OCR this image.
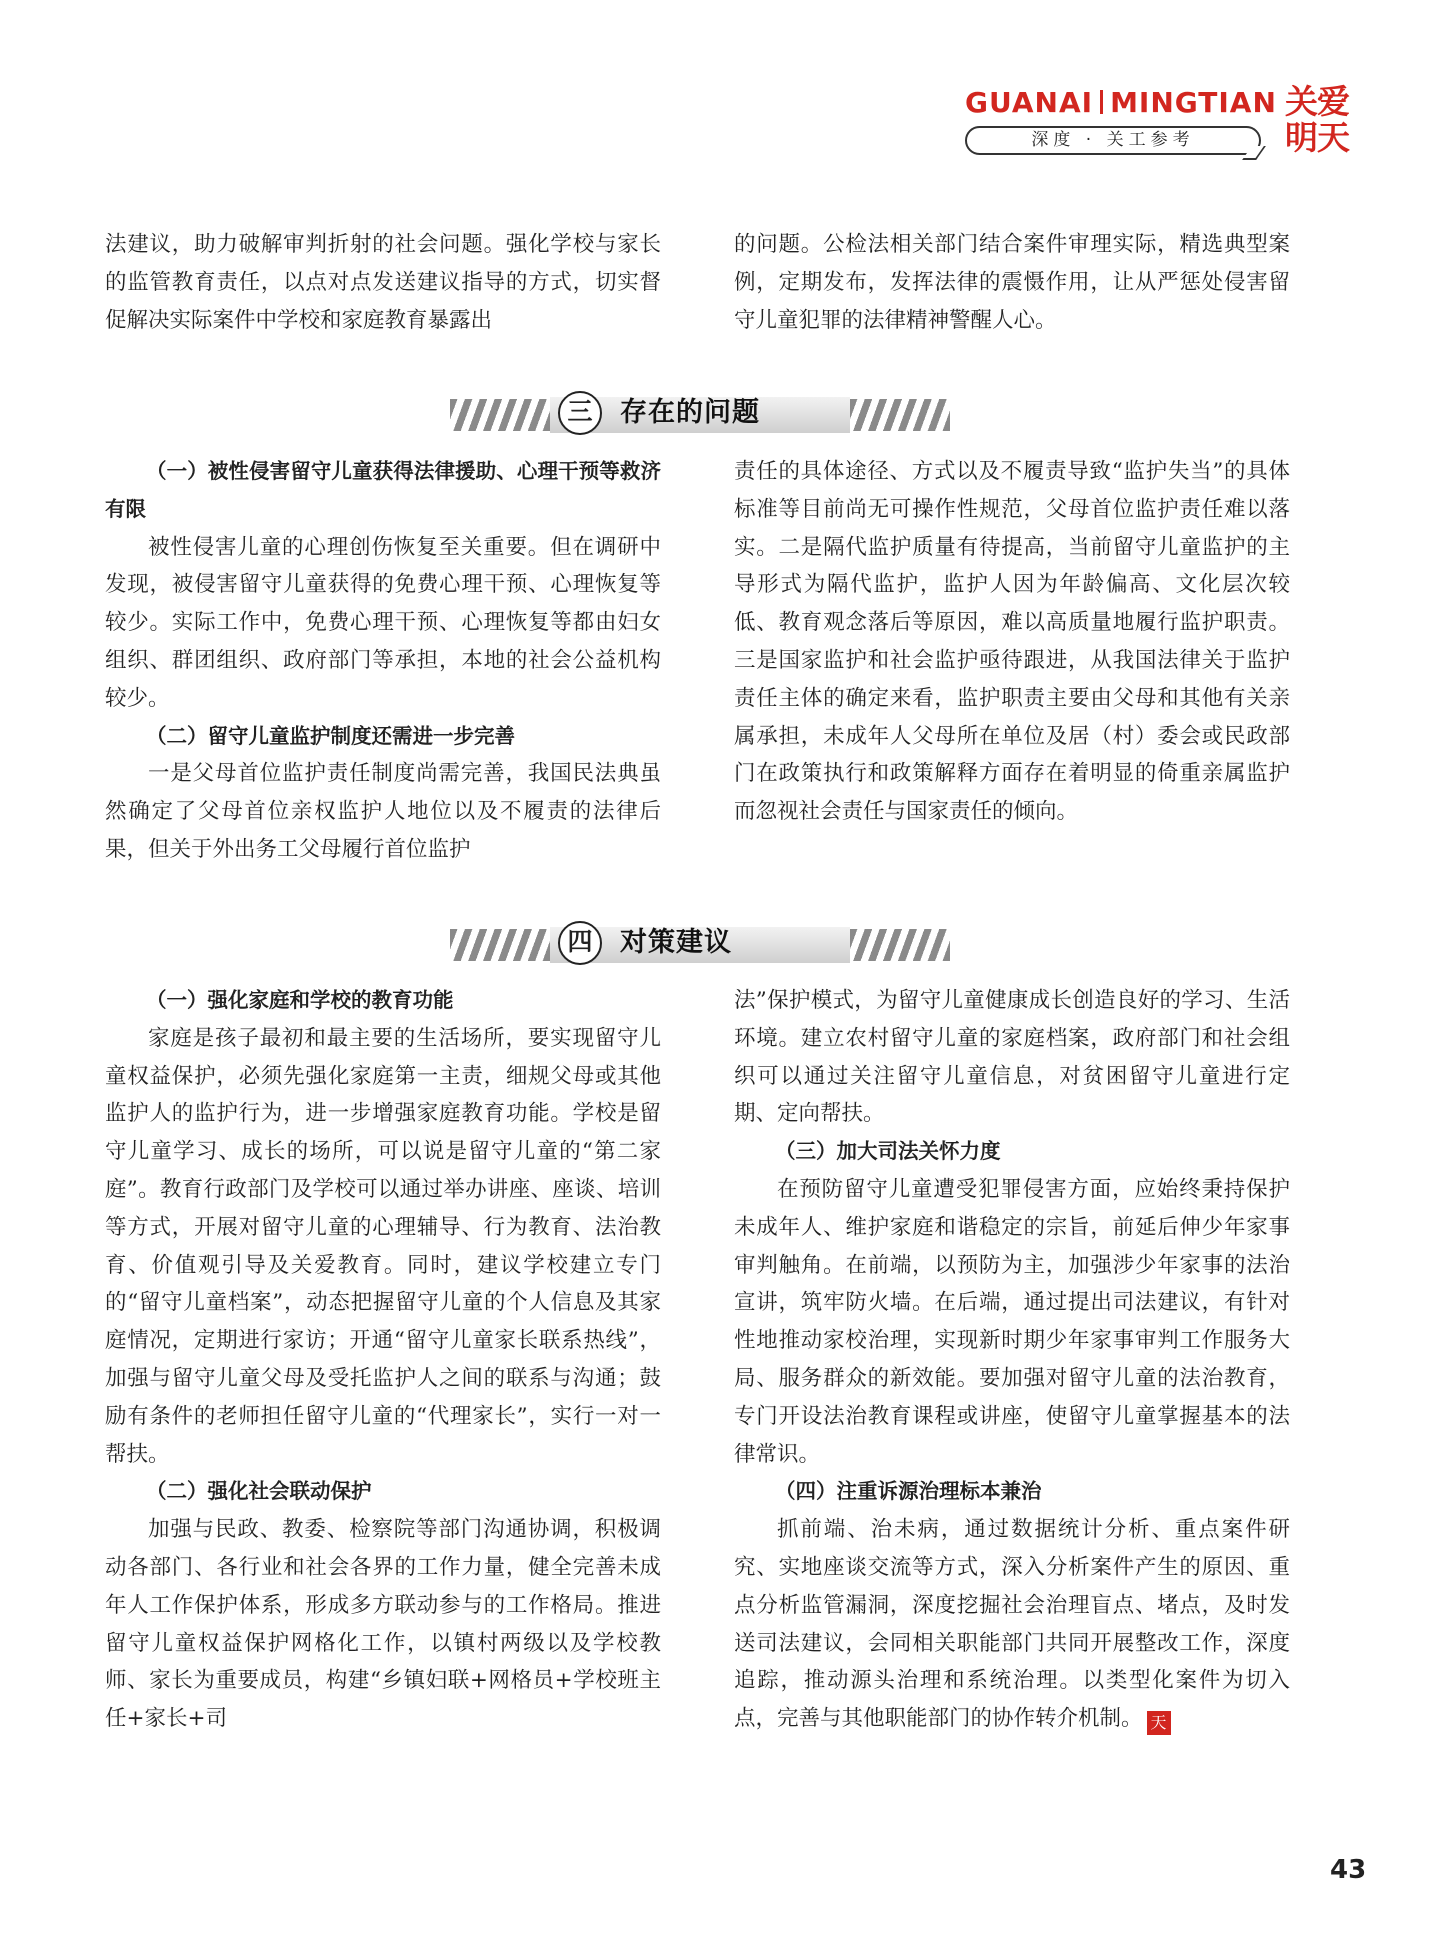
GUANAI MINGTIAN
深度 · 关工参考
关爱
明天

法建议，助力破解审判折射的社会问题。强化学校与家长的监管教育责任，以点对点发送建议指导的方式，切实督促解决实际案件中学校和家庭教育暴露出

的问题。公检法相关部门结合案件审理实际，精选典型案例，定期发布，发挥法律的震慑作用，让从严惩处侵害留守儿童犯罪的法律精神警醒人心。

三	存在的问题

（一）被性侵害留守儿童获得法律援助、心理干预等救济有限

被性侵害儿童的心理创伤恢复至关重要。但在调研中发现，被侵害留守儿童获得的免费心理干预、心理恢复等较少。实际工作中，免费心理干预、心理恢复等都由妇女组织、群团组织、政府部门等承担，本地的社会公益机构较少。

（二）留守儿童监护制度还需进一步完善

一是父母首位监护责任制度尚需完善，我国民法典虽然确定了父母首位亲权监护人地位以及不履责的法律后果，但关于外出务工父母履行首位监护

责任的具体途径、方式以及不履责导致“监护失当”的具体标准等目前尚无可操作性规范，父母首位监护责任难以落实。二是隔代监护质量有待提高，当前留守儿童监护的主导形式为隔代监护，监护人因为年龄偏高、文化层次较低、教育观念落后等原因，难以高质量地履行监护职责。三是国家监护和社会监护亟待跟进，从我国法律关于监护责任主体的确定来看，监护职责主要由父母和其他有关亲属承担，未成年人父母所在单位及居（村）委会或民政部门在政策执行和政策解释方面存在着明显的倚重亲属监护而忽视社会责任与国家责任的倾向。

四	对策建议

（一）强化家庭和学校的教育功能

家庭是孩子最初和最主要的生活场所，要实现留守儿童权益保护，必须先强化家庭第一主责，细规父母或其他监护人的监护行为，进一步增强家庭教育功能。学校是留守儿童学习、成长的场所，可以说是留守儿童的“第二家庭”。教育行政部门及学校可以通过举办讲座、座谈、培训等方式，开展对留守儿童的心理辅导、行为教育、法治教育、价值观引导及关爱教育。同时，建议学校建立专门的“留守儿童档案”，动态把握留守儿童的个人信息及其家庭情况，定期进行家访；开通“留守儿童家长联系热线”，加强与留守儿童父母及受托监护人之间的联系与沟通；鼓励有条件的老师担任留守儿童的“代理家长”，实行一对一帮扶。

（二）强化社会联动保护

加强与民政、教委、检察院等部门沟通协调，积极调动各部门、各行业和社会各界的工作力量，健全完善未成年人工作保护体系，形成多方联动参与的工作格局。推进留守儿童权益保护网格化工作，以镇村两级以及学校教师、家长为重要成员，构建“乡镇妇联+网格员+学校班主任+家长+司

法”保护模式，为留守儿童健康成长创造良好的学习、生活环境。建立农村留守儿童的家庭档案，政府部门和社会组织可以通过关注留守儿童信息，对贫困留守儿童进行定期、定向帮扶。

（三）加大司法关怀力度

在预防留守儿童遭受犯罪侵害方面，应始终秉持保护未成年人、维护家庭和谐稳定的宗旨，前延后伸少年家事审判触角。在前端，以预防为主，加强涉少年家事的法治宣讲，筑牢防火墙。在后端，通过提出司法建议，有针对性地推动家校治理，实现新时期少年家事审判工作服务大局、服务群众的新效能。要加强对留守儿童的法治教育，专门开设法治教育课程或讲座，使留守儿童掌握基本的法律常识。

（四）注重诉源治理标本兼治

抓前端、治未病，通过数据统计分析、重点案件研究、实地座谈交流等方式，深入分析案件产生的原因、重点分析监管漏洞，深度挖掘社会治理盲点、堵点，及时发送司法建议，会同相关职能部门共同开展整改工作，深度追踪，推动源头治理和系统治理。以类型化案件为切入点，完善与其他职能部门的协作转介机制。 天

43
